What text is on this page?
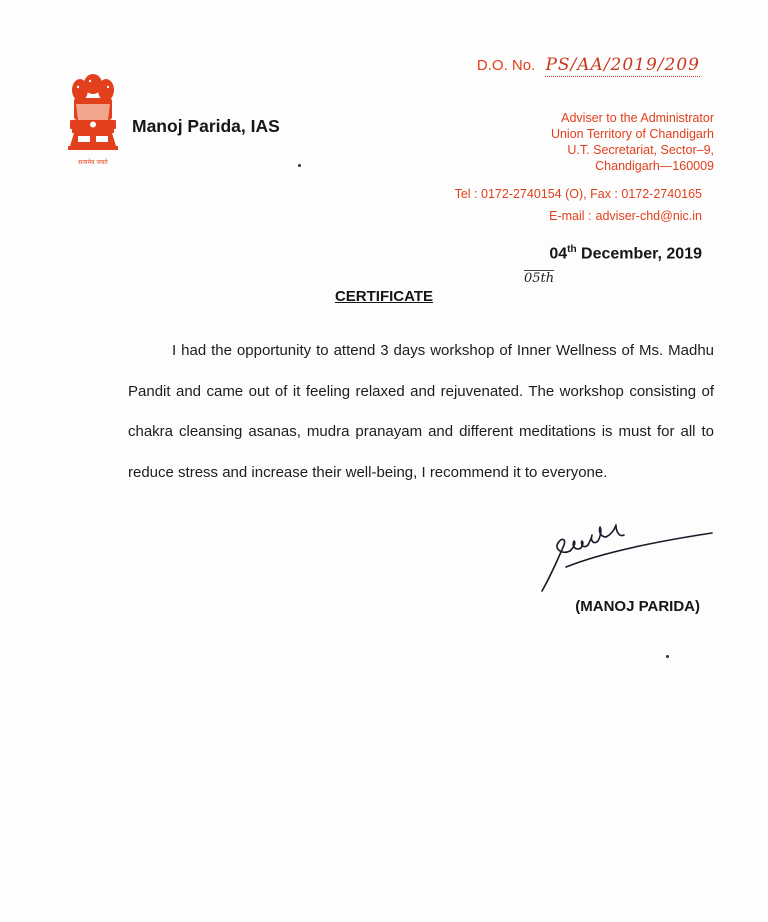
सत्यमेव जयते
Manoj Parida, IAS
D.O. No. PS/AA/2019/209
Adviser to the Administrator
Union Territory of Chandigarh
U.T. Secretariat, Sector–9,
Chandigarh—160009
Tel : 0172-2740154 (O), Fax : 0172-2740165
E-mail : adviser-chd@nic.in
04th December, 2019
05th
CERTIFICATE

I had the opportunity to attend 3 days workshop of Inner Wellness of Ms. Madhu Pandit and came out of it feeling relaxed and rejuvenated. The workshop consisting of chakra cleansing asanas, mudra pranayam and different meditations is must for all to reduce stress and increase their well-being, I recommend it to everyone.

(MANOJ PARIDA)
